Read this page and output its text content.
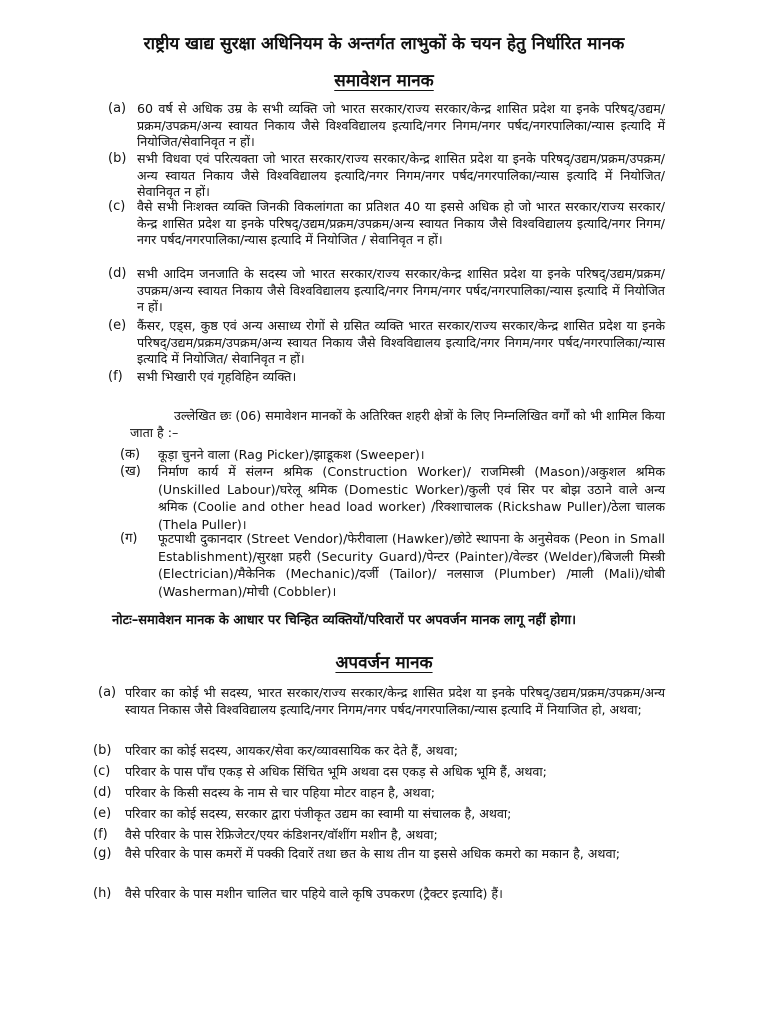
राष्ट्रीय खाद्य सुरक्षा अधिनियम के अन्तर्गत लाभुकों के चयन हेतु निर्धारित मानक
समावेशन मानक
(a) 60 वर्ष से अधिक उम्र के सभी व्यक्ति जो भारत सरकार/राज्य सरकार/केन्द्र शासित प्रदेश या इनके परिषद्/उद्यम/प्रक्रम/उपक्रम/अन्य स्वायत निकाय जैसे विश्वविद्यालय इत्यादि/नगर निगम/नगर पर्षद/नगरपालिका/न्यास इत्यादि में नियोजित/सेवानिवृत न हों।
(b) सभी विधवा एवं परित्यक्ता जो भारत सरकार/राज्य सरकार/केन्द्र शासित प्रदेश या इनके परिषद्/उद्यम/प्रक्रम/उपक्रम/अन्य स्वायत निकाय जैसे विश्वविद्यालय इत्यादि/नगर निगम/नगर पर्षद/नगरपालिका/न्यास इत्यादि में नियोजित/ सेवानिवृत न हों।
(c) वैसे सभी निःशक्त व्यक्ति जिनकी विकलांगता का प्रतिशत 40 या इससे अधिक हो जो भारत सरकार/राज्य सरकार/केन्द्र शासित प्रदेश या इनके परिषद्/उद्यम/प्रक्रम/उपक्रम/अन्य स्वायत निकाय जैसे विश्वविद्यालय इत्यादि/नगर निगम/नगर पर्षद/नगरपालिका/न्यास इत्यादि में नियोजित / सेवानिवृत न हों।
(d) सभी आदिम जनजाति के सदस्य जो भारत सरकार/राज्य सरकार/केन्द्र शासित प्रदेश या इनके परिषद्/उद्यम/प्रक्रम/उपक्रम/अन्य स्वायत निकाय जैसे विश्वविद्यालय इत्यादि/नगर निगम/नगर पर्षद/नगरपालिका/न्यास इत्यादि में नियोजित न हों।
(e) कैंसर, एड्स, कुष्ठ एवं अन्य असाध्य रोगों से ग्रसित व्यक्ति भारत सरकार/राज्य सरकार/केन्द्र शासित प्रदेश या इनके परिषद्/उद्यम/प्रक्रम/उपक्रम/अन्य स्वायत निकाय जैसे विश्वविद्यालय इत्यादि/नगर निगम/नगर पर्षद/नगरपालिका/न्यास इत्यादि में नियोजित/ सेवानिवृत न हों।
(f) सभी भिखारी एवं गृहविहिन व्यक्ति।
उल्लेखित छः (06) समावेशन मानकों के अतिरिक्त शहरी क्षेत्रों के लिए निम्नलिखित वर्गों को भी शामिल किया जाता है :–
(क) कूड़ा चुनने वाला (Rag Picker)/झाडूकश (Sweeper)।
(ख) निर्माण कार्य में संलग्न श्रमिक (Construction Worker)/ राजमिस्त्री (Mason)/अकुशल श्रमिक (Unskilled Labour)/घरेलू श्रमिक (Domestic Worker)/कुली एवं सिर पर बोझ उठाने वाले अन्य श्रमिक (Coolie and other head load worker) /रिक्शाचालक (Rickshaw Puller)/ठेला चालक (Thela Puller)।
(ग) फूटपाथी दुकानदार (Street Vendor)/फेरीवाला (Hawker)/छोटे स्थापना के अनुसेवक (Peon in Small Establishment)/सुरक्षा प्रहरी (Security Guard)/पेन्टर (Painter)/वेल्डर (Welder)/बिजली मिस्त्री (Electrician)/मैकेनिक (Mechanic)/दर्जी (Tailor)/ नलसाज (Plumber) /माली (Mali)/धोबी (Washerman)/मोची (Cobbler)।
नोटः–समावेशन मानक के आधार पर चिन्हित व्यक्तियों/परिवारों पर अपवर्जन मानक लागू नहीं होगा।
अपवर्जन मानक
(a) परिवार का कोई भी सदस्य, भारत सरकार/राज्य सरकार/केन्द्र शासित प्रदेश या इनके परिषद्/उद्यम/प्रक्रम/उपक्रम/अन्य स्वायत निकास जैसे विश्वविद्यालय इत्यादि/नगर निगम/नगर पर्षद/नगरपालिका/न्यास इत्यादि में नियाजित हो, अथवा;
(b) परिवार का कोई सदस्य, आयकर/सेवा कर/व्यावसायिक कर देते हैं, अथवा;
(c) परिवार के पास पाँच एकड़ से अधिक सिंचित भूमि अथवा दस एकड़ से अधिक भूमि हैं, अथवा;
(d) परिवार के किसी सदस्य के नाम से चार पहिया मोटर वाहन है, अथवा;
(e) परिवार का कोई सदस्य, सरकार द्वारा पंजीकृत उद्यम का स्वामी या संचालक है, अथवा;
(f) वैसे परिवार के पास रेफ्रिजेटर/एयर कंडिशनर/वॉशींग मशीन है, अथवा;
(g) वैसे परिवार के पास कमरों में पक्की दिवारें तथा छत के साथ तीन या इससे अधिक कमरो का मकान है, अथवा;
(h) वैसे परिवार के पास मशीन चालित चार पहिये वाले कृषि उपकरण (ट्रैक्टर इत्यादि) हैं।
